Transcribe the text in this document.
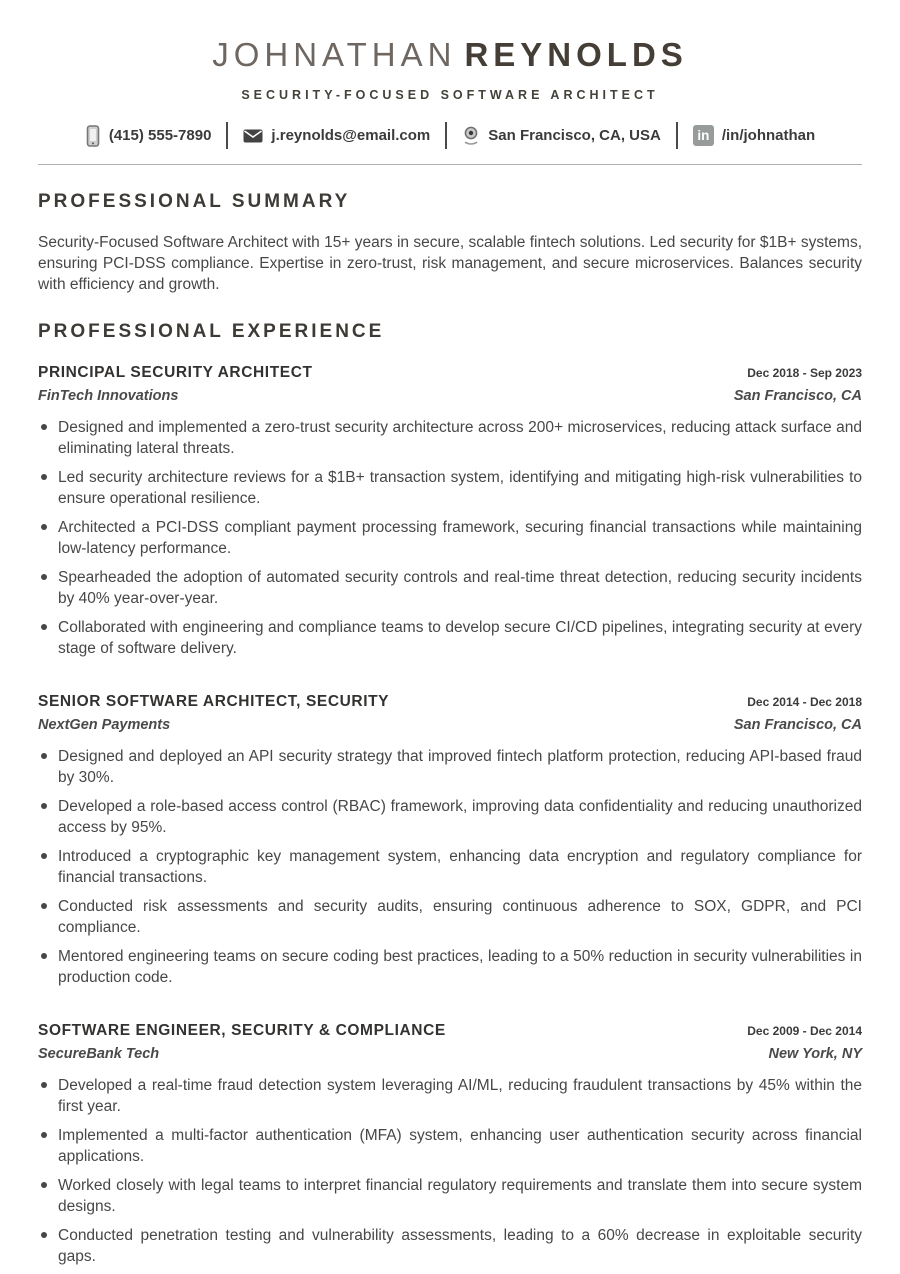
JOHNATHAN REYNOLDS
SECURITY-FOCUSED SOFTWARE ARCHITECT
(415) 555-7890	j.reynolds@email.com	San Francisco, CA, USA	in /in/johnathan
PROFESSIONAL SUMMARY

Security-Focused Software Architect with 15+ years in secure, scalable fintech solutions. Led security for $1B+ systems, ensuring PCI-DSS compliance. Expertise in zero-trust, risk management, and secure microservices. Balances security with efficiency and growth.

PROFESSIONAL EXPERIENCE
PRINCIPAL SECURITY ARCHITECT	Dec 2018 - Sep 2023
FinTech Innovations	San Francisco, CA
Designed and implemented a zero-trust security architecture across 200+ microservices, reducing attack surface and eliminating lateral threats.
Led security architecture reviews for a $1B+ transaction system, identifying and mitigating high-risk vulnerabilities to ensure operational resilience.
Architected a PCI-DSS compliant payment processing framework, securing financial transactions while maintaining low-latency performance.
Spearheaded the adoption of automated security controls and real-time threat detection, reducing security incidents by 40% year-over-year.
Collaborated with engineering and compliance teams to develop secure CI/CD pipelines, integrating security at every stage of software delivery.
SENIOR SOFTWARE ARCHITECT, SECURITY	Dec 2014 - Dec 2018
NextGen Payments	San Francisco, CA
Designed and deployed an API security strategy that improved fintech platform protection, reducing API-based fraud by 30%.
Developed a role-based access control (RBAC) framework, improving data confidentiality and reducing unauthorized access by 95%.
Introduced a cryptographic key management system, enhancing data encryption and regulatory compliance for financial transactions.
Conducted risk assessments and security audits, ensuring continuous adherence to SOX, GDPR, and PCI compliance.
Mentored engineering teams on secure coding best practices, leading to a 50% reduction in security vulnerabilities in production code.
SOFTWARE ENGINEER, SECURITY & COMPLIANCE	Dec 2009 - Dec 2014
SecureBank Tech	New York, NY
Developed a real-time fraud detection system leveraging AI/ML, reducing fraudulent transactions by 45% within the first year.
Implemented a multi-factor authentication (MFA) system, enhancing user authentication security across financial applications.
Worked closely with legal teams to interpret financial regulatory requirements and translate them into secure system designs.
Conducted penetration testing and vulnerability assessments, leading to a 60% decrease in exploitable security gaps.
